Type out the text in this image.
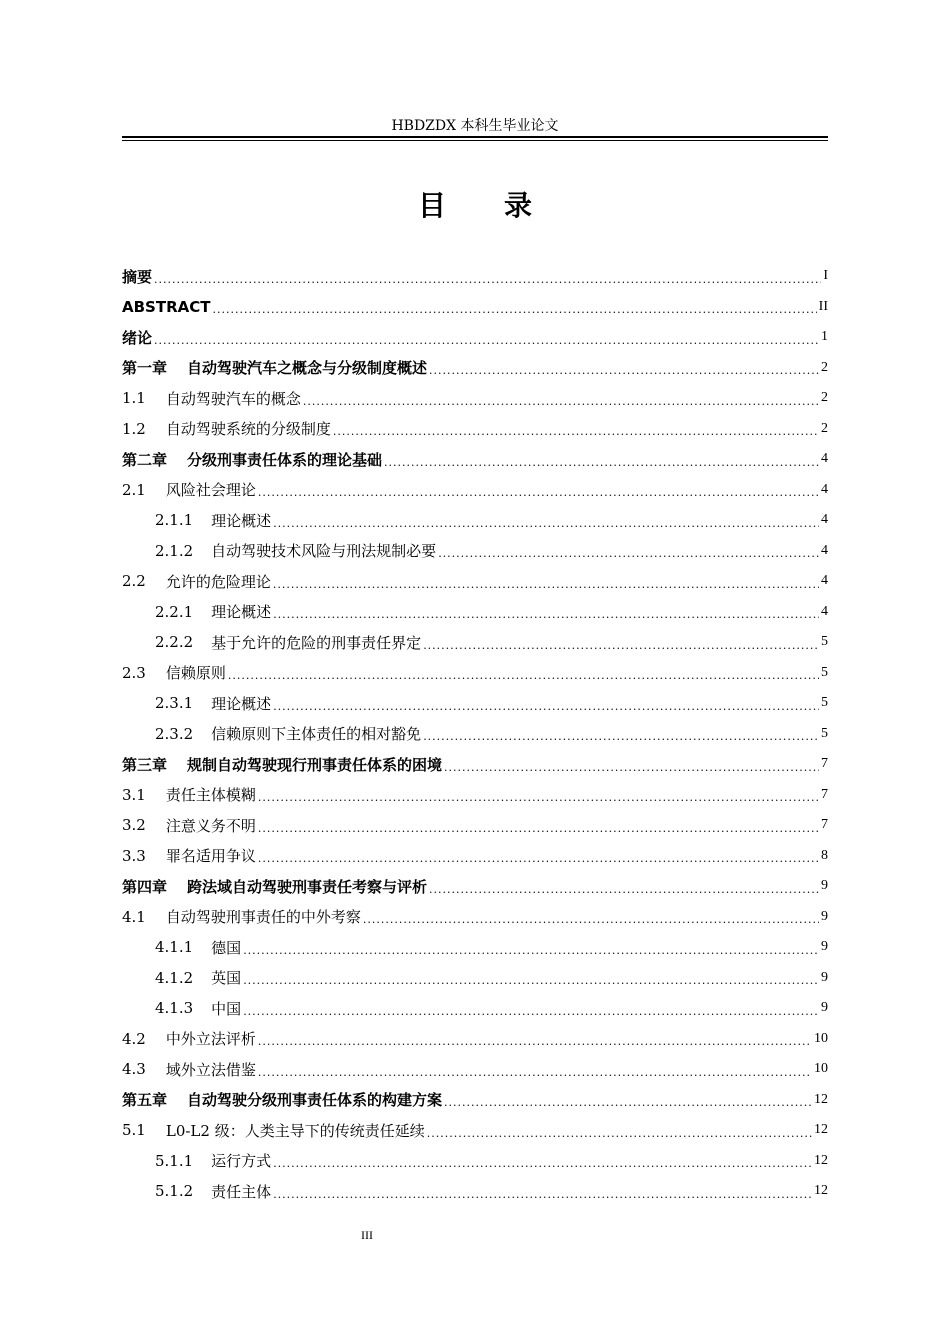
HBDZDX 本科生毕业论文
目录
摘要 .....	I
ABSTRACT .....	II
绪论 .....	1
第一章	自动驾驶汽车之概念与分级制度概述 .....	2
1.1	自动驾驶汽车的概念 .....	2
1.2	自动驾驶系统的分级制度 .....	2
第二章	分级刑事责任体系的理论基础 .....	4
2.1	风险社会理论 .....	4
2.1.1	理论概述 .....	4
2.1.2	自动驾驶技术风险与刑法规制必要 .....	4
2.2	允许的危险理论 .....	4
2.2.1	理论概述 .....	4
2.2.2	基于允许的危险的刑事责任界定 .....	5
2.3	信赖原则 .....	5
2.3.1	理论概述 .....	5
2.3.2	信赖原则下主体责任的相对豁免 .....	5
第三章	规制自动驾驶现行刑事责任体系的困境 .....	7
3.1	责任主体模糊 .....	7
3.2	注意义务不明 .....	7
3.3	罪名适用争议 .....	8
第四章	跨法域自动驾驶刑事责任考察与评析 .....	9
4.1	自动驾驶刑事责任的中外考察 .....	9
4.1.1	德国 .....	9
4.1.2	英国 .....	9
4.1.3	中国 .....	9
4.2	中外立法评析 .....	10
4.3	域外立法借鉴 .....	10
第五章	自动驾驶分级刑事责任体系的构建方案 .....	12
5.1	L0-L2 级：人类主导下的传统责任延续 .....	12
5.1.1	运行方式 .....	12
5.1.2	责任主体 .....	12
III
